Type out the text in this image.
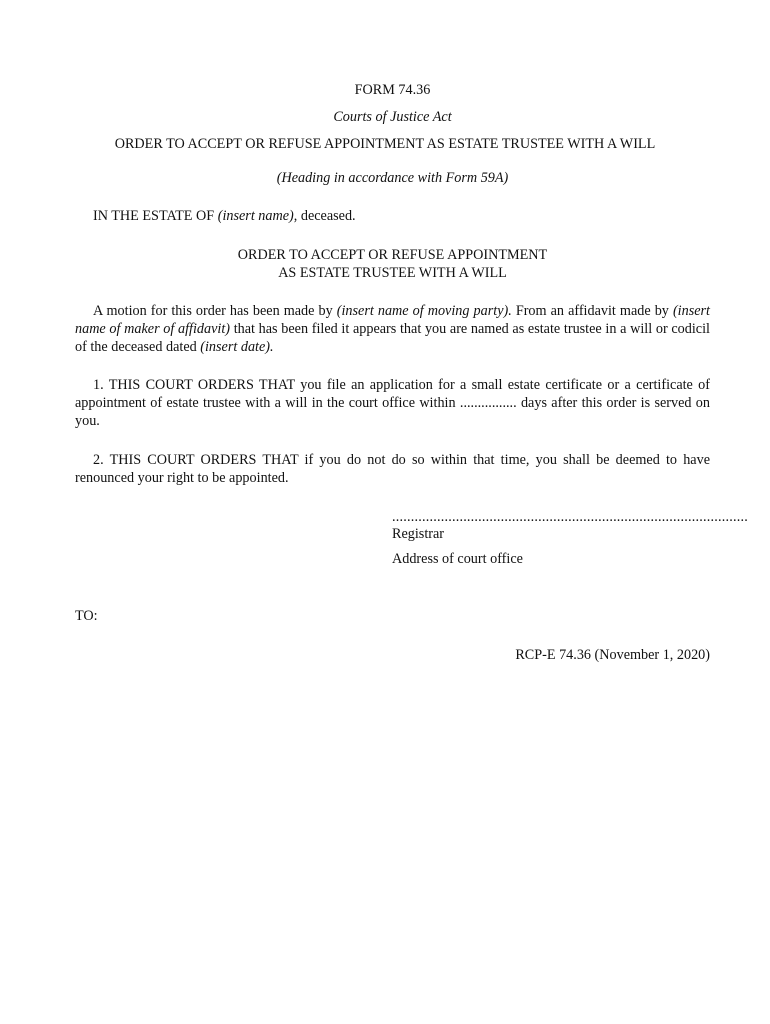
FORM 74.36
Courts of Justice Act
ORDER TO ACCEPT OR REFUSE APPOINTMENT AS ESTATE TRUSTEE WITH A WILL
(Heading in accordance with Form 59A)
IN THE ESTATE OF (insert name), deceased.
ORDER TO ACCEPT OR REFUSE APPOINTMENT
AS ESTATE TRUSTEE WITH A WILL
A motion for this order has been made by (insert name of moving party). From an affidavit made by (insert name of maker of affidavit) that has been filed it appears that you are named as estate trustee in a will or codicil of the deceased dated (insert date).
1. THIS COURT ORDERS THAT you file an application for a small estate certificate or a certificate of appointment of estate trustee with a will in the court office within ................ days after this order is served on you.
2. THIS COURT ORDERS THAT if you do not do so within that time, you shall be deemed to have renounced your right to be appointed.
...............................................................................................
Registrar
Address of court office
TO:
RCP-E 74.36 (November 1, 2020)
